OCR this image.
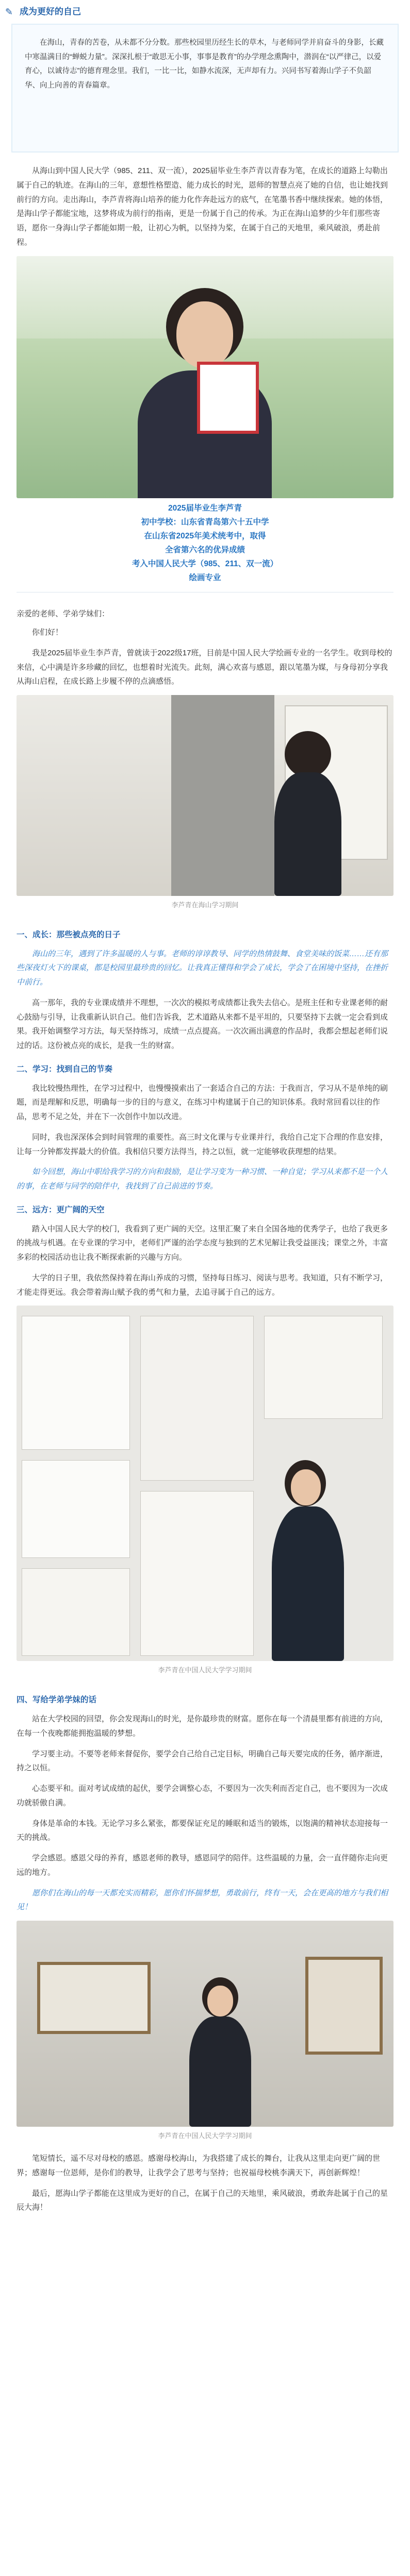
✎ 成为更好的自己

在海山，青春的苦卷，从未都不分分数。那些校园里历经生长的草木，与老师同学并肩奋斗的身影，长藏中寒温满目的“蝉蜕力量”。深深扎根于“敢思无小事，事事是教育”的办学理念熏陶中，潜润在“以严律己，以爱育心，以诚待志”的德育理念里。我们，一比一比，如静水流深，无声却有力。兴同书写着海山学子不负韶华、向上向善的青春篇章。

从海山到中国人民大学（985、211、双一流），2025届毕业生李芦青以青春为笔，在成长的道路上勾勒出属于自己的轨迹。在海山的三年，意想性格塑造、能力成长的时光，恩师的智慧点亮了她的自信，也让她找到前行的方向。走出海山，李芦青将海山培养的能力化作奔赴远方的底气，在笔墨书香中继续探索。她的体悟，是海山学子都能宝地，这梦将成为前行的指南，更是一份属于自己的传承。为正在海山追梦的少年们那些寄语，愿你一身海山学子都能如期一般，让初心为帆，以坚持为桨，在属于自己的天地里，乘风破浪，勇赴前程。

2025届毕业生李芦青
初中学校：山东省青岛第六十五中学
在山东省2025年美术统考中，取得
全省第六名的优异成绩
考入中国人民大学（985、211、双一流）
绘画专业

亲爱的老师、学弟学妹们：

你们好！

我是2025届毕业生李芦青，曾就读于2022级17班，目前是中国人民大学绘画专业的一名学生。收到母校的来信，心中满是许多珍藏的回忆，也想着时光流失。此刻，满心欢喜与感恩，跟以笔墨为媒，与身母初分享我从海山启程，在成长路上步履不停的点滴感悟。

李芦青在海山学习期间

一、成长：那些被点亮的日子

海山的三年，遇到了许多温暖的人与事。老师的谆谆教导、同学的热情鼓舞、食堂美味的饭菜……还有那些深夜灯火下的课桌，都是校园里最珍贵的回忆。让我真正懂得和学会了成长，学会了在困境中坚持，在挫折中前行。

高一那年，我的专业课成绩并不理想，一次次的模拟考成绩都让我失去信心。是班主任和专业课老师的耐心鼓励与引导，让我重新认识自己。他们告诉我，艺术道路从来都不是平坦的，只要坚持下去就一定会看到成果。我开始调整学习方法，每天坚持练习，成绩一点点提高。一次次画出满意的作品时，我都会想起老师们说过的话。这份被点亮的成长，是我一生的财富。

二、学习：找到自己的节奏

我比较慢热理性，在学习过程中，也慢慢摸索出了一套适合自己的方法：于我而言，学习从不是单纯的刷题，而是理解和反思，明确每一步的目的与意义，在练习中构建属于自己的知识体系。我时常回看以往的作品，思考不足之处，并在下一次创作中加以改进。

同时，我也深深体会到时间管理的重要性。高三时文化课与专业课并行，我给自己定下合理的作息安排，让每一分钟都发挥最大的价值。我相信只要方法得当，持之以恒，就一定能够收获理想的结果。

如今回想，海山中职给我学习的方向和鼓励，是让学习变为一种习惯、一种自觉；学习从来都不是一个人的事，在老师与同学的陪伴中，我找到了自己前进的节奏。

三、远方：更广阔的天空

踏入中国人民大学的校门，我看到了更广阔的天空。这里汇聚了来自全国各地的优秀学子，也给了我更多的挑战与机遇。在专业课的学习中，老师们严谨的治学态度与独到的艺术见解让我受益匪浅；课堂之外，丰富多彩的校园活动也让我不断探索新的兴趣与方向。

大学的日子里，我依然保持着在海山养成的习惯，坚持每日练习、阅读与思考。我知道，只有不断学习，才能走得更远。我会带着海山赋予我的勇气和力量，去追寻属于自己的远方。

李芦青在中国人民大学学习期间

四、写给学弟学妹的话

站在大学校园的回望，你会发现海山的时光，是你最珍贵的财富。愿你在每一个清晨里都有前进的方向，在每一个夜晚都能拥抱温暖的梦想。

学习要主动。不要等老师来督促你，要学会自己给自己定目标，明确自己每天要完成的任务，循序渐进，持之以恒。

心态要平和。面对考试成绩的起伏，要学会调整心态，不要因为一次失利而否定自己，也不要因为一次成功就骄傲自满。

身体是革命的本钱。无论学习多么紧张，都要保证充足的睡眠和适当的锻炼，以饱满的精神状态迎接每一天的挑战。

学会感恩。感恩父母的养育，感恩老师的教导，感恩同学的陪伴。这些温暖的力量，会一直伴随你走向更远的地方。

愿你们在海山的每一天都充实而精彩，愿你们怀揣梦想，勇敢前行，终有一天，会在更高的地方与我们相见！

李芦青在中国人民大学学习期间

笔短情长，遥不尽对母校的感恩。感谢母校海山，为我搭建了成长的舞台，让我从这里走向更广阔的世界；感谢每一位恩师，是你们的教导，让我学会了思考与坚持；也祝福母校桃李满天下，再创新辉煌！

最后，愿海山学子都能在这里成为更好的自己，在属于自己的天地里，乘风破浪，勇敢奔赴属于自己的星辰大海！
